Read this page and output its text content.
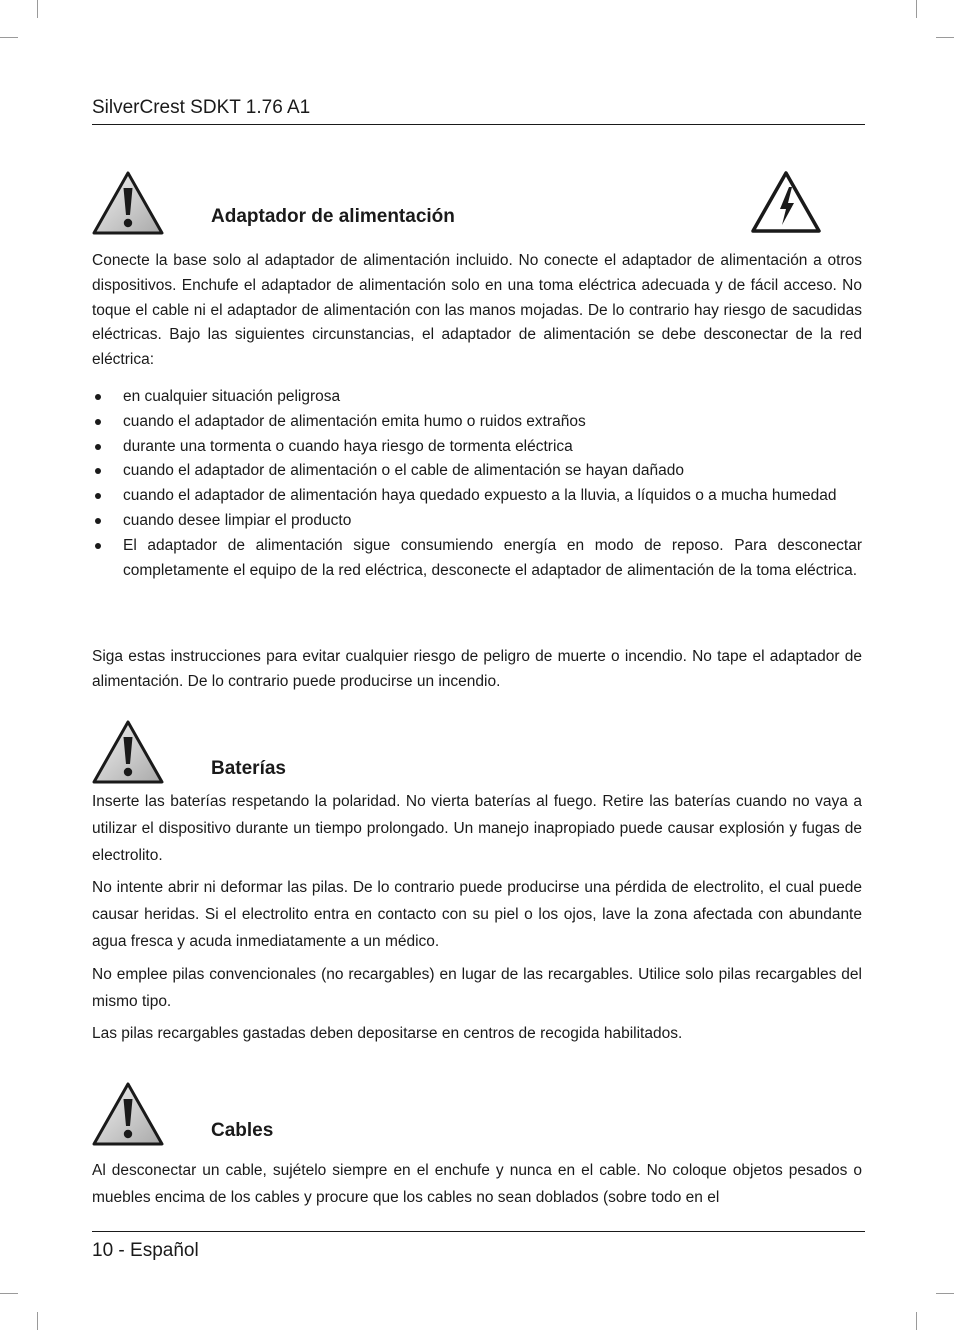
SilverCrest SDKT 1.76 A1
Adaptador de alimentación

Conecte la base solo al adaptador de alimentación incluido. No conecte el adaptador de alimentación a otros dispositivos. Enchufe el adaptador de alimentación solo en una toma eléctrica adecuada y de fácil acceso. No toque el cable ni el adaptador de alimentación con las manos mojadas. De lo contrario hay riesgo de sacudidas eléctricas. Bajo las siguientes circunstancias, el adaptador de alimentación se debe desconectar de la red eléctrica:

en cualquier situación peligrosa
cuando el adaptador de alimentación emita humo o ruidos extraños
durante una tormenta o cuando haya riesgo de tormenta eléctrica
cuando el adaptador de alimentación o el cable de alimentación se hayan dañado
cuando el adaptador de alimentación haya quedado expuesto a la lluvia, a líquidos o a mucha humedad
cuando desee limpiar el producto
El adaptador de alimentación sigue consumiendo energía en modo de reposo. Para desconectar completamente el equipo de la red eléctrica, desconecte el adaptador de alimentación de la toma eléctrica.

Siga estas instrucciones para evitar cualquier riesgo de peligro de muerte o incendio. No tape el adaptador de alimentación. De lo contrario puede producirse un incendio.

Baterías

Inserte las baterías respetando la polaridad. No vierta baterías al fuego. Retire las baterías cuando no vaya a utilizar el dispositivo durante un tiempo prolongado. Un manejo inapropiado puede causar explosión y fugas de electrolito.

No intente abrir ni deformar las pilas. De lo contrario puede producirse una pérdida de electrolito, el cual puede causar heridas. Si el electrolito entra en contacto con su piel o los ojos, lave la zona afectada con abundante agua fresca y acuda inmediatamente a un médico.

No emplee pilas convencionales (no recargables) en lugar de las recargables. Utilice solo pilas recargables del mismo tipo.

Las pilas recargables gastadas deben depositarse en centros de recogida habilitados.

Cables

Al desconectar un cable, sujételo siempre en el enchufe y nunca en el cable. No coloque objetos pesados o muebles encima de los cables y procure que los cables no sean doblados (sobre todo en el

10 - Español
